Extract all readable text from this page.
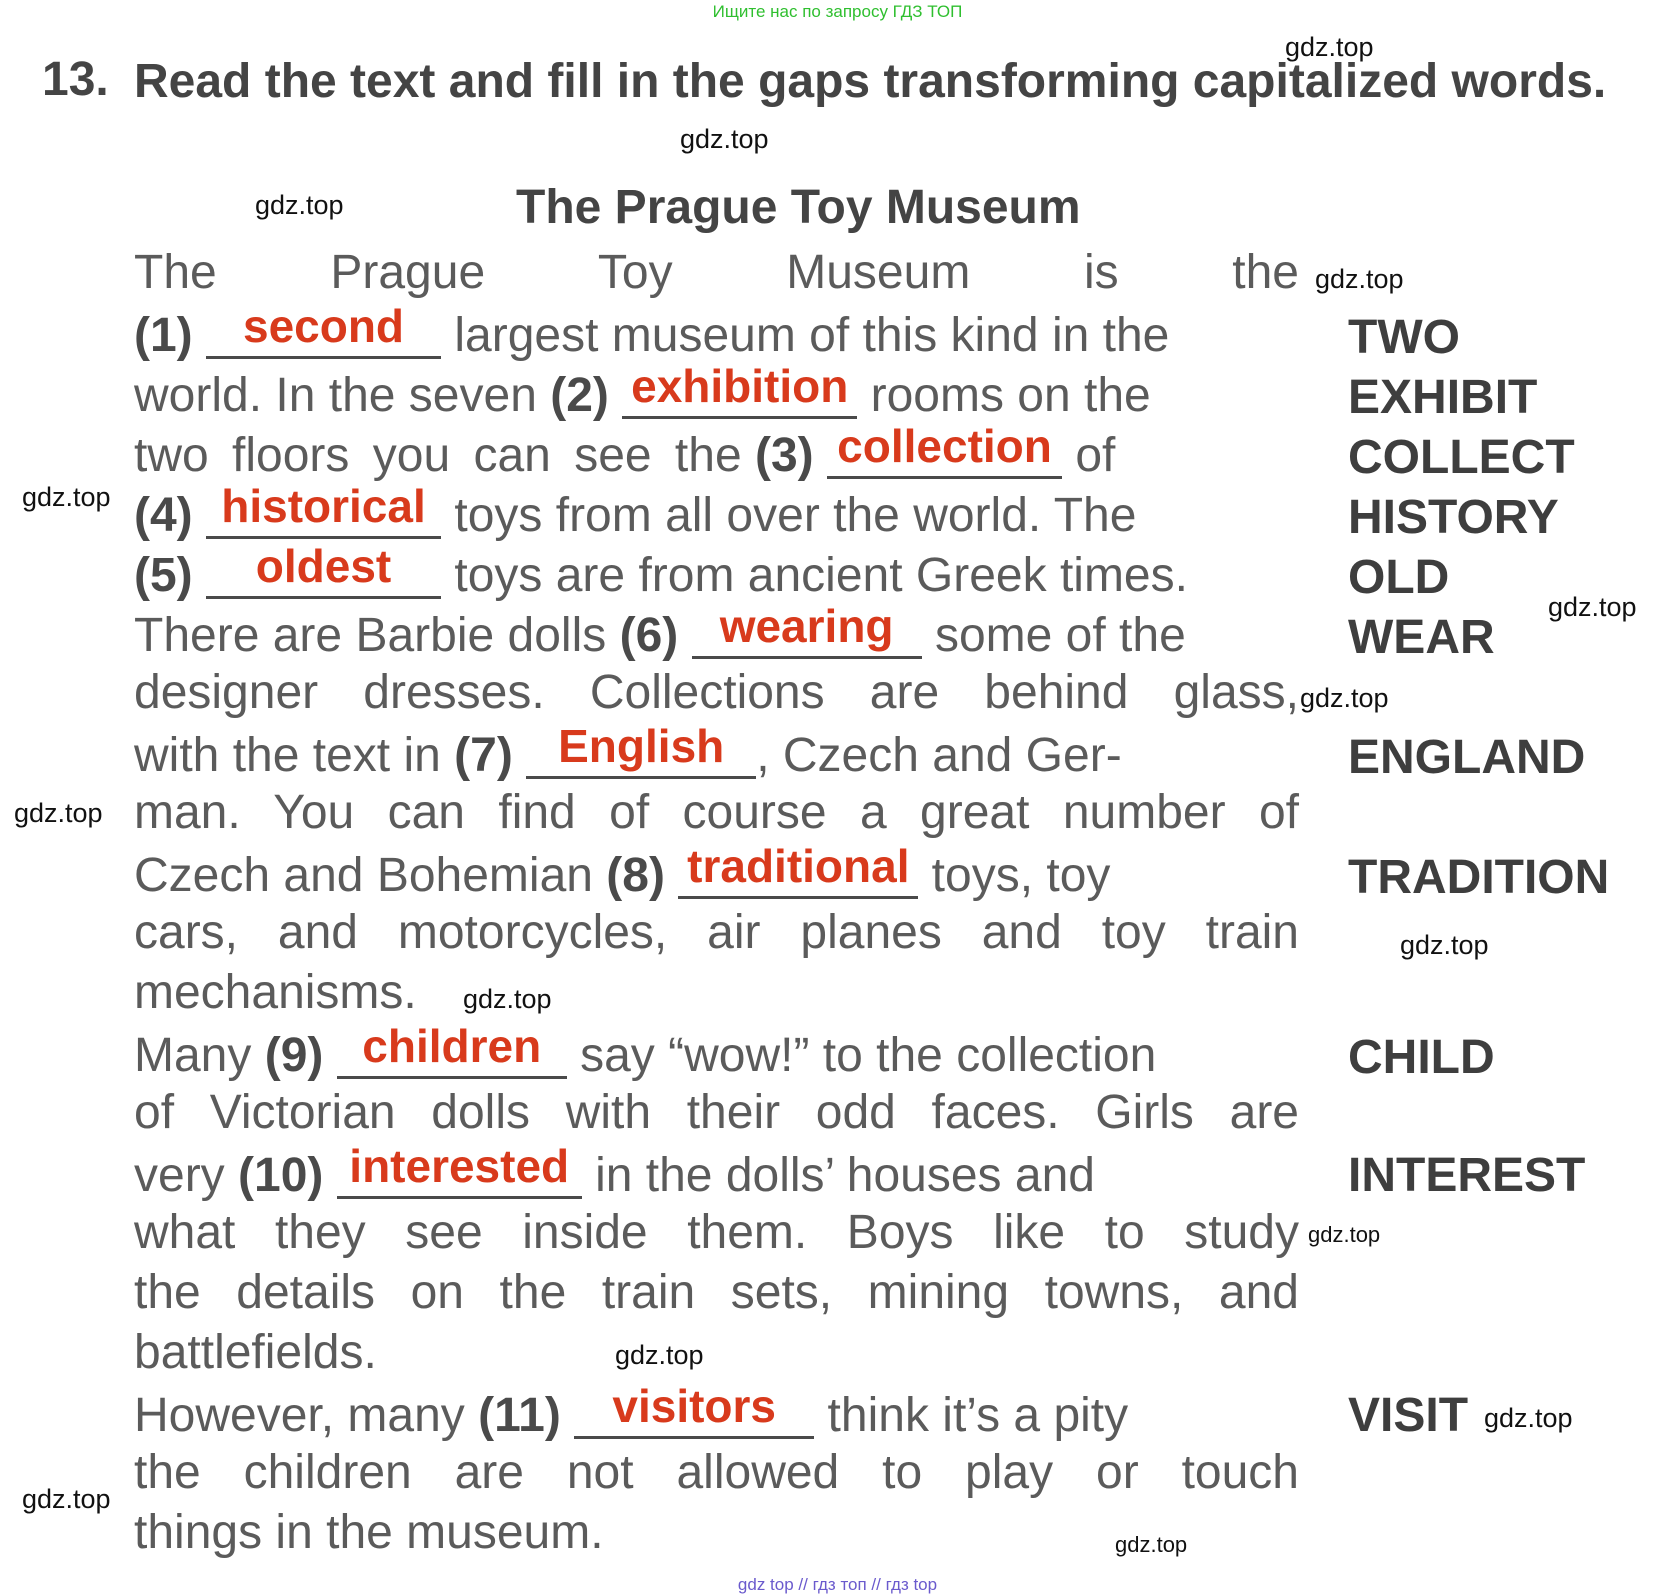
Ищите нас по запросу ГДЗ ТОП
13. Read the text and fill in the gaps transforming capitalized words.
The Prague Toy Museum
The Prague Toy Museum is the
(1)	second	largest museum of this kind in the
world. In the seven (2) exhibition rooms on the
two floors you can see the (3) collection of
(4) historical toys from all over the world. The
(5)	oldest	toys are from ancient Greek times.
There are Barbie dolls (6) wearing some of the
designer dresses. Collections are behind glass,
with the text in (7) English , Czech and Ger-
man. You can find of course a great number of
Czech and Bohemian (8) traditional toys, toy
cars, and motorcycles, air planes and toy train
mechanisms.
Many (9) children say “wow!” to the collection
of Victorian dolls with their odd faces. Girls are
very (10) interested in the dolls’ houses and
what they see inside them. Boys like to study
the details on the train sets, mining towns, and
battlefields.
However, many (11)	visitors	think it’s a pity
the children are not allowed to play or touch
things in the museum.
TWO
EXHIBIT
COLLECT
HISTORY
OLD
WEAR
ENGLAND
TRADITION
CHILD
INTEREST
VISIT
gdz.top
gdz.top
gdz.top
gdz.top
gdz.top
gdz.top
gdz.top
gdz.top
gdz.top
gdz.top
gdz.top
gdz.top
gdz.top
gdz.top
gdz.top
gdz top // гдз топ // гдз top
